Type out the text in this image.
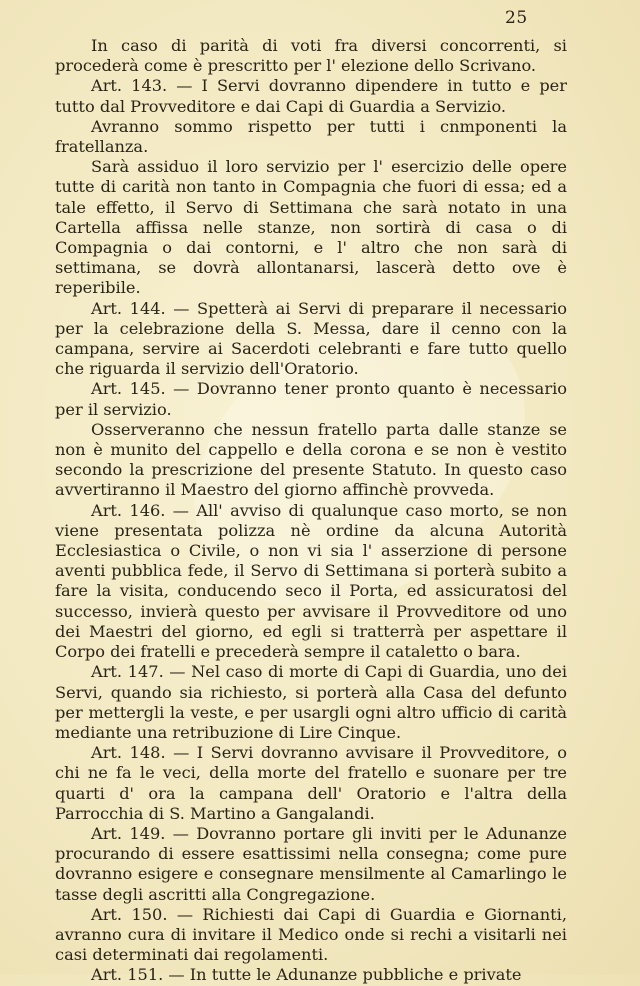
25

In caso di parità di voti fra diversi concorrenti, si procederà come è prescritto per l' elezione dello Scrivano.

Art. 143. — I Servi dovranno dipendere in tutto e per tutto dal Provveditore e dai Capi di Guardia a Servizio.

Avranno sommo rispetto per tutti i cnmponenti la fratellanza.

Sarà assiduo il loro servizio per l' esercizio delle opere tutte di carità non tanto in Compagnia che fuori di essa; ed a tale effetto, il Servo di Settimana che sarà notato in una Cartella affissa nelle stanze, non sortirà di casa o di Compagnia o dai contorni, e l' altro che non sarà di settimana, se dovrà allontanarsi, lascerà detto ove è reperibile.

Art. 144. — Spetterà ai Servi di preparare il necessario per la celebrazione della S. Messa, dare il cenno con la campana, servire ai Sacerdoti celebranti e fare tutto quello che riguarda il servizio dell'Oratorio.

Art. 145. — Dovranno tener pronto quanto è necessario per il servizio.

Osserveranno che nessun fratello parta dalle stanze se non è munito del cappello e della corona e se non è vestito secondo la prescrizione del presente Statuto. In questo caso avvertiranno il Maestro del giorno affinchè provveda.

Art. 146. — All' avviso di qualunque caso morto, se non viene presentata polizza nè ordine da alcuna Autorità Ecclesiastica o Civile, o non vi sia l' asserzione di persone aventi pubblica fede, il Servo di Settimana si porterà subito a fare la visita, conducendo seco il Porta, ed assicuratosi del successo, invierà questo per avvisare il Provveditore od uno dei Maestri del giorno, ed egli si tratterrà per aspettare il Corpo dei fratelli e precederà sempre il cataletto o bara.

Art. 147. — Nel caso di morte di Capi di Guardia, uno dei Servi, quando sia richiesto, si porterà alla Casa del defunto per mettergli la veste, e per usargli ogni altro ufficio di carità mediante una retribuzione di Lire Cinque.

Art. 148. — I Servi dovranno avvisare il Provveditore, o chi ne fa le veci, della morte del fratello e suonare per tre quarti d' ora la campana dell' Oratorio e l'altra della Parrocchia di S. Martino a Gangalandi.

Art. 149. — Dovranno portare gli inviti per le Adunanze procurando di essere esattissimi nella consegna; come pure dovranno esigere e consegnare mensilmente al Camarlingo le tasse degli ascritti alla Congregazione.

Art. 150. — Richiesti dai Capi di Guardia e Giornanti, avranno cura di invitare il Medico onde si rechi a visitarli nei casi determinati dai regolamenti.

Art. 151. — In tutte le Adunanze pubbliche e private
